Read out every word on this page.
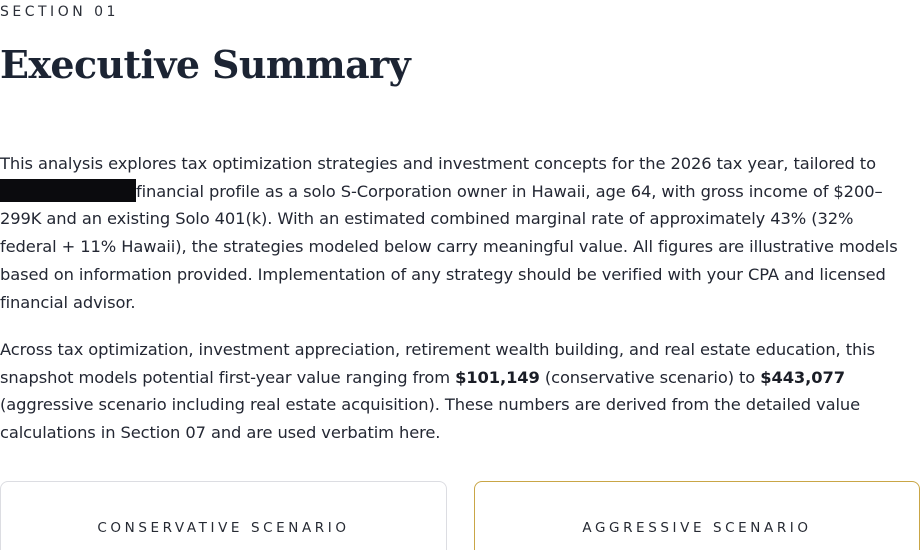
SECTION 01
Executive Summary

This analysis explores tax optimization strategies and investment concepts for the 2026 tax year, tailored to financial profile as a solo S-Corporation owner in Hawaii, age 64, with gross income of $200–299K and an existing Solo 401(k). With an estimated combined marginal rate of approximately 43% (32% federal + 11% Hawaii), the strategies modeled below carry meaningful value. All figures are illustrative models based on information provided. Implementation of any strategy should be verified with your CPA and licensed financial advisor.

Across tax optimization, investment appreciation, retirement wealth building, and real estate education, this snapshot models potential first-year value ranging from $101,149 (conservative scenario) to $443,077 (aggressive scenario including real estate acquisition). These numbers are derived from the detailed value calculations in Section 07 and are used verbatim here.

CONSERVATIVE SCENARIO	AGGRESSIVE SCENARIO
